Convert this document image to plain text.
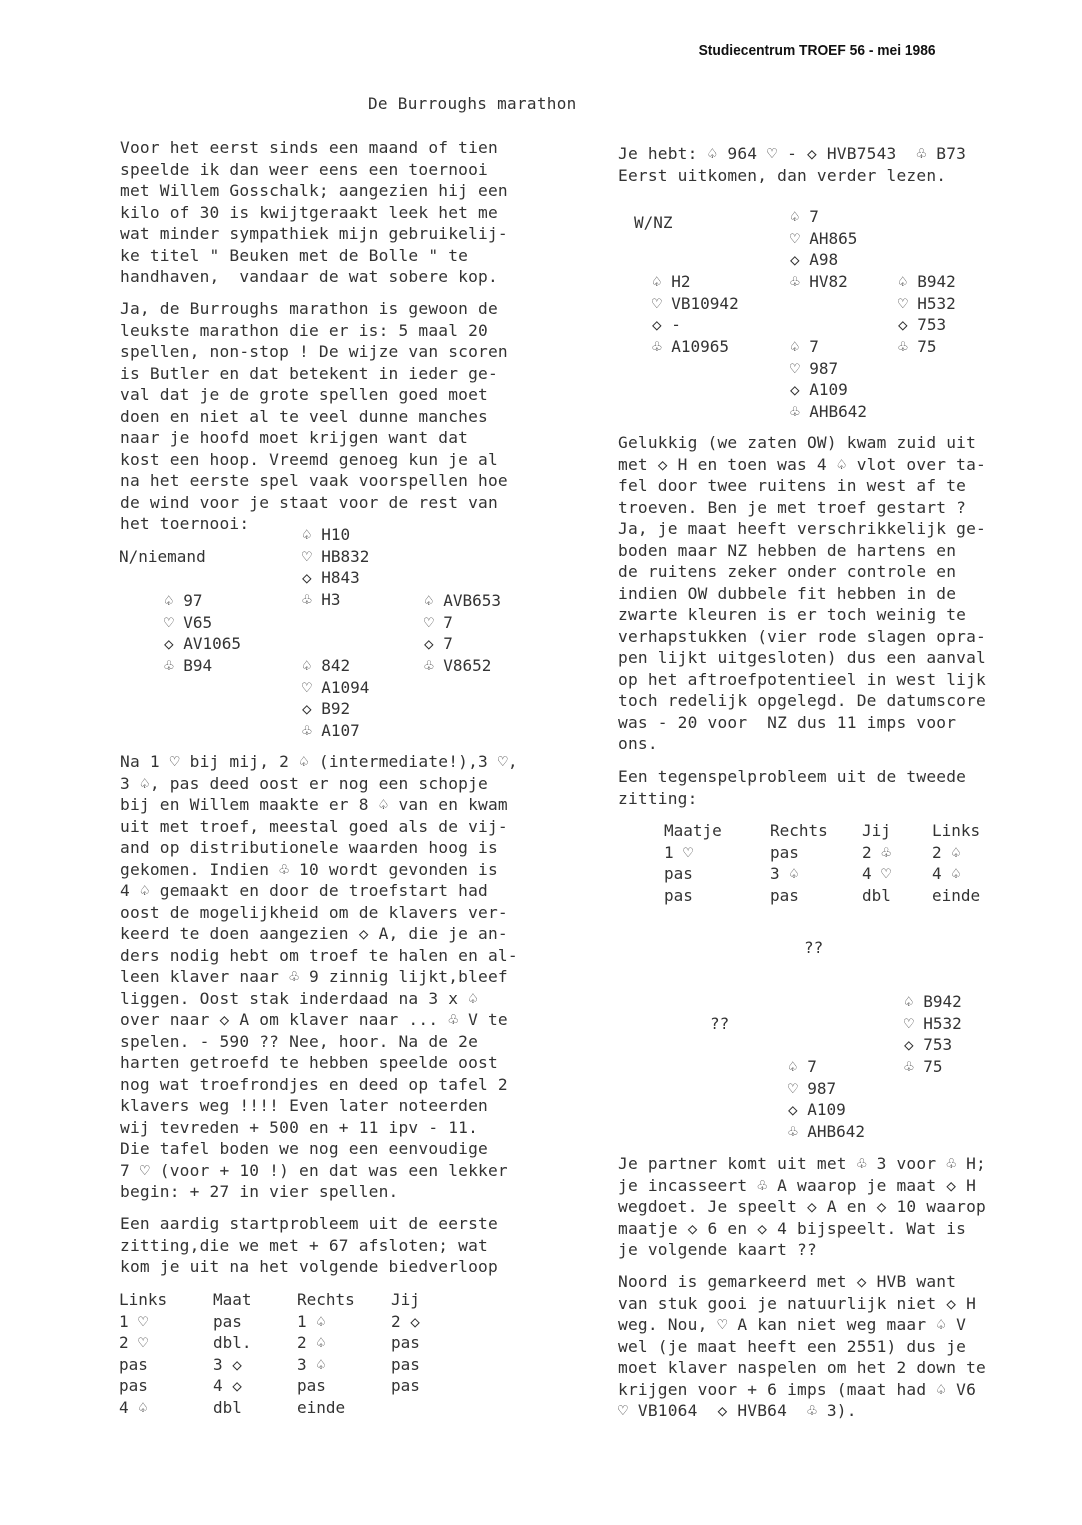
Studiecentrum TROEF 56 - mei 1986
De Burroughs marathon
Voor het eerst sinds een maand of tien
speelde ik dan weer eens een toernooi
met Willem Gosschalk; aangezien hij een
kilo of 30 is kwijtgeraakt leek het me
wat minder sympathiek mijn gebruikelij-
ke titel " Beuken met de Bolle " te
handhaven,  vandaar de wat sobere kop.
Ja, de Burroughs marathon is gewoon de
leukste marathon die er is: 5 maal 20
spellen, non-stop ! De wijze van scoren
is Butler en dat betekent in ieder ge-
val dat je de grote spellen goed moet
doen en niet al te veel dunne manches
naar je hoofd moet krijgen want dat
kost een hoop. Vreemd genoeg kun je al
na het eerste spel vaak voorspellen hoe
de wind voor je staat voor de rest van
het toernooi:
N/niemand
♤ H10
♡ HB832
◇ H843
♧ H3
♤ 97
♡ V65
◇ AV1065
♧ B94
♤ AVB653
♡ 7
◇ 7
♧ V8652
♤ 842
♡ A1094
◇ B92
♧ A107
Na 1 ♡ bij mij, 2 ♤ (intermediate!),3 ♡,
3 ♤, pas deed oost er nog een schopje
bij en Willem maakte er 8 ♤ van en kwam
uit met troef, meestal goed als de vij-
and op distributionele waarden hoog is
gekomen. Indien ♧ 10 wordt gevonden is
4 ♤ gemaakt en door de troefstart had
oost de mogelijkheid om de klavers ver-
keerd te doen aangezien ◇ A, die je an-
ders nodig hebt om troef te halen en al-
leen klaver naar ♧ 9 zinnig lijkt,bleef
liggen. Oost stak inderdaad na 3 x ♤
over naar ◇ A om klaver naar ... ♧ V te
spelen. - 590 ?? Nee, hoor. Na de 2e
harten getroefd te hebben speelde oost
nog wat troefrondjes en deed op tafel 2
klavers weg !!!! Even later noteerden
wij tevreden + 500 en + 11 ipv - 11.
Die tafel boden we nog een eenvoudige
7 ♡ (voor + 10 !) en dat was een lekker
begin: + 27 in vier spellen.
Een aardig startprobleem uit de eerste
zitting,die we met + 67 afsloten; wat
kom je uit na het volgende biedverloop
Links	Maat	Rechts Jij
1 ♡	pas	1 ♤	2 ◇
2 ♡	dbl.	2 ♤	pas
pas	3 ◇	3 ♤	pas
pas	4 ◇	pas	pas
4 ♤	dbl	einde
Je hebt: ♤ 964 ♡ - ◇ HVB7543  ♧ B73
Eerst uitkomen, dan verder lezen.
W/NZ	♤ 7
♡ AH865
◇ A98
♧ HV82
♤ H2
♡ VB10942
◇ -
♧ A10965
♤ B942
♡ H532
◇ 753
♧ 75
♤ 7
♡ 987
◇ A109
♧ AHB642
Gelukkig (we zaten OW) kwam zuid uit
met ◇ H en toen was 4 ♤ vlot over ta-
fel door twee ruitens in west af te
troeven. Ben je met troef gestart ?
Ja, je maat heeft verschrikkelijk ge-
boden maar NZ hebben de hartens en
de ruitens zeker onder controle en
indien OW dubbele fit hebben in de
zwarte kleuren is er toch weinig te
verhapstukken (vier rode slagen opra-
pen lijkt uitgesloten) dus een aanval
op het aftroefpotentieel in west lijk
toch redelijk opgelegd. De datumscore
was - 20 voor  NZ dus 11 imps voor
ons.
Een tegenspelprobleem uit de tweede
zitting:
Maatje	Rechts Jij	Links
1 ♡	pas	2 ♧	2 ♤
pas	3 ♤	4 ♡	4 ♤
pas	pas	dbl	einde
??
??
♤ B942
♡ H532
◇ 753
♧ 75
♤ 7
♡ 987
◇ A109
♧ AHB642
Je partner komt uit met ♧ 3 voor ♧ H;
je incasseert ♧ A waarop je maat ◇ H
wegdoet. Je speelt ◇ A en ◇ 10 waarop
maatje ◇ 6 en ◇ 4 bijspeelt. Wat is
je volgende kaart ??
Noord is gemarkeerd met ◇ HVB want
van stuk gooi je natuurlijk niet ◇ H
weg. Nou, ♡ A kan niet weg maar ♤ V
wel (je maat heeft een 2551) dus je
moet klaver naspelen om het 2 down te
krijgen voor + 6 imps (maat had ♤ V6
♡ VB1064  ◇ HVB64  ♧ 3).
